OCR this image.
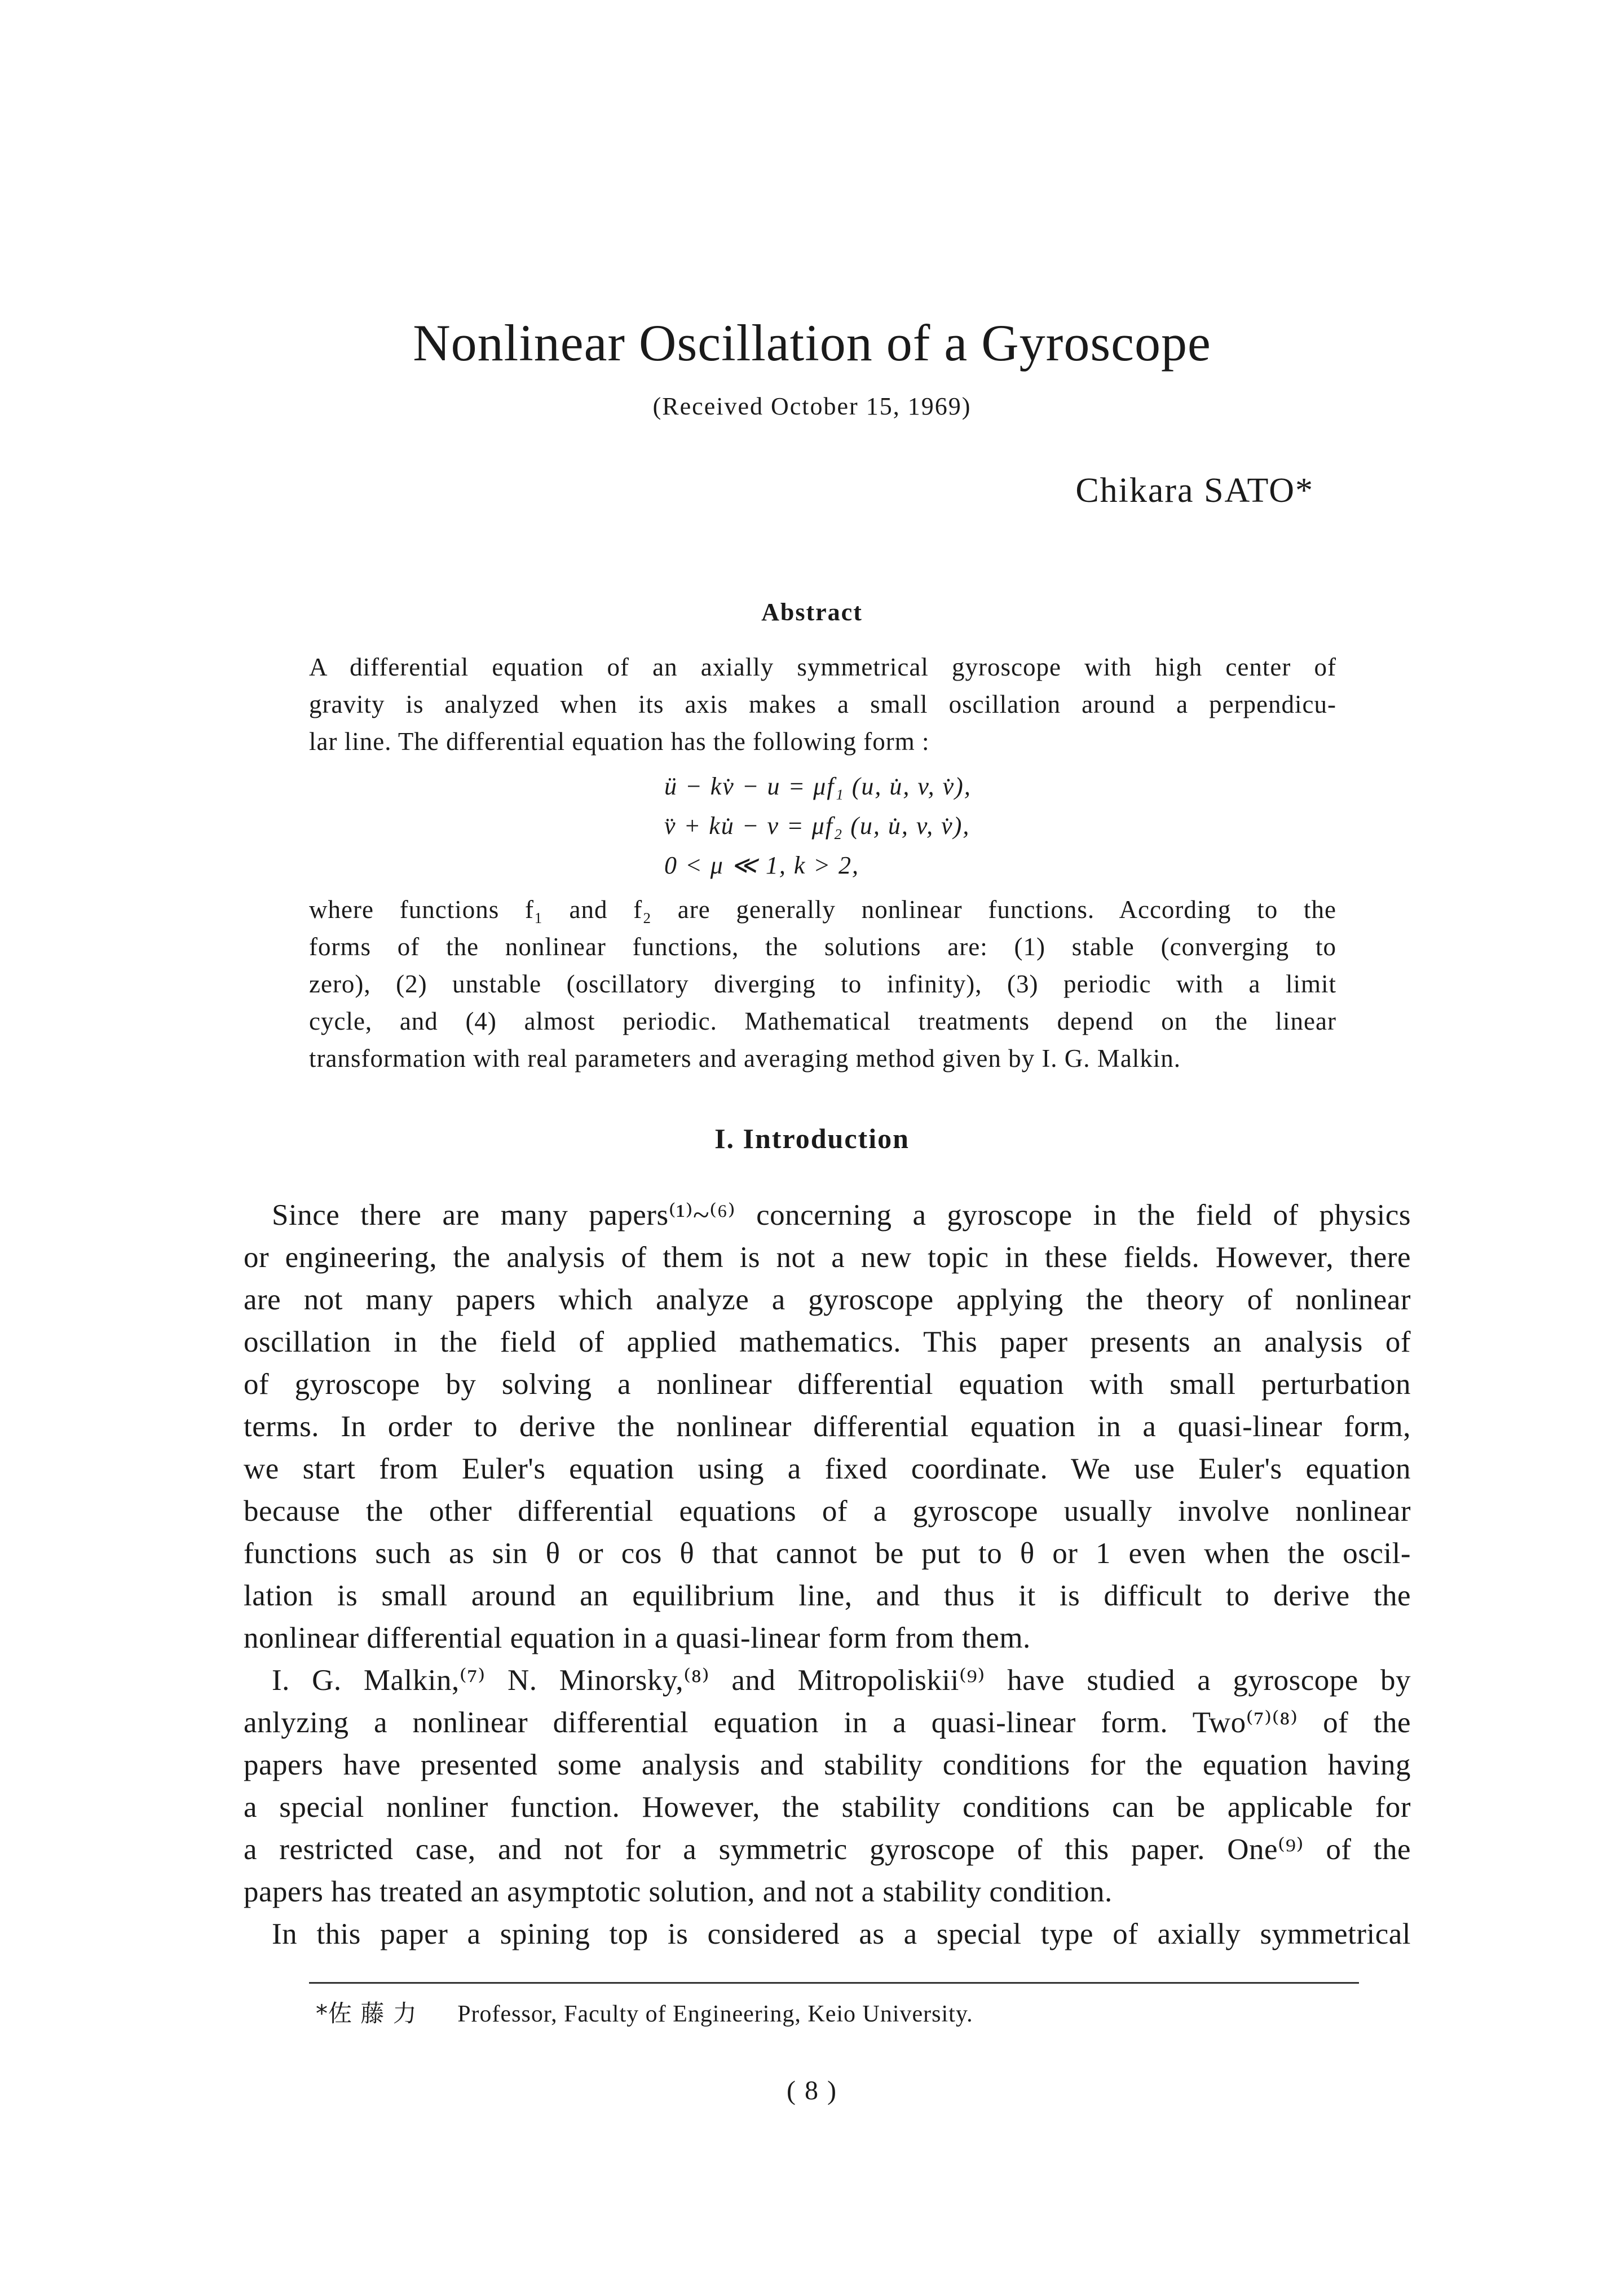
Nonlinear Oscillation of a Gyroscope
(Received October 15, 1969)
Chikara SATO*
Abstract
A differential equation of an axially symmetrical gyroscope with high center of
gravity is analyzed when its axis makes a small oscillation around a perpendicu-
lar line. The differential equation has the following form :
ü − kv̇ − u = μf₁ (u, u̇, v, v̇),
v̈ + ku̇ − v = μf₂ (u, u̇, v, v̇),
0 < μ ≪ 1, k > 2,
where functions f₁ and f₂ are generally nonlinear functions. According to the
forms of the nonlinear functions, the solutions are: (1) stable (converging to
zero), (2) unstable (oscillatory diverging to infinity), (3) periodic with a limit
cycle, and (4) almost periodic. Mathematical treatments depend on the linear
transformation with real parameters and averaging method given by I. G. Malkin.
I. Introduction
Since there are many papers⁽¹⁾~⁽⁶⁾ concerning a gyroscope in the field of physics
or engineering, the analysis of them is not a new topic in these fields. However, there
are not many papers which analyze a gyroscope applying the theory of nonlinear
oscillation in the field of applied mathematics. This paper presents an analysis of
of gyroscope by solving a nonlinear differential equation with small perturbation
terms. In order to derive the nonlinear differential equation in a quasi-linear form,
we start from Euler's equation using a fixed coordinate. We use Euler's equation
because the other differential equations of a gyroscope usually involve nonlinear
functions such as sin θ or cos θ that cannot be put to θ or 1 even when the oscil-
lation is small around an equilibrium line, and thus it is difficult to derive the
nonlinear differential equation in a quasi-linear form from them.
I. G. Malkin,⁽⁷⁾ N. Minorsky,⁽⁸⁾ and Mitropoliskii⁽⁹⁾ have studied a gyroscope by
anlyzing a nonlinear differential equation in a quasi-linear form. Two⁽⁷⁾⁽⁸⁾ of the
papers have presented some analysis and stability conditions for the equation having
a special nonliner function. However, the stability conditions can be applicable for
a restricted case, and not for a symmetric gyroscope of this paper. One⁽⁹⁾ of the
papers has treated an asymptotic solution, and not a stability condition.
In this paper a spining top is considered as a special type of axially symmetrical
*佐 藤 力 Professor, Faculty of Engineering, Keio University.
( 8 )
